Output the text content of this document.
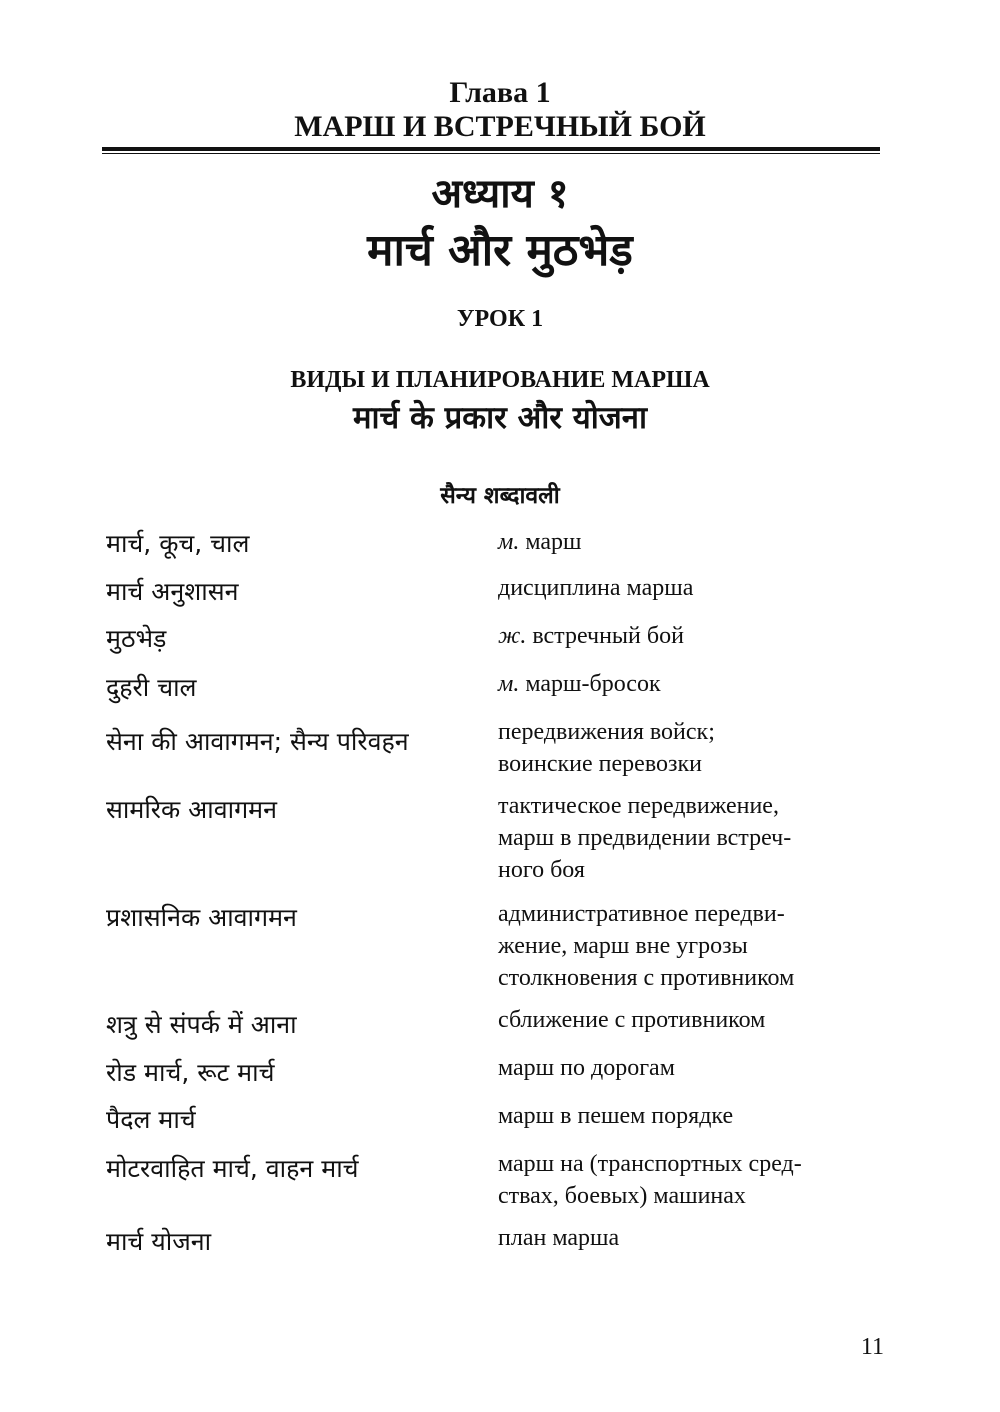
Глава 1
МАРШ И ВСТРЕЧНЫЙ БОЙ
अध्याय १
मार्च और मुठभेड़
УРОК 1
ВИДЫ И ПЛАНИРОВАНИЕ МАРША
मार्च के प्रकार और योजना
सैन्य शब्दावली
मार्च, कूच, चाल	м. марш
मार्च अनुशासन	дисциплина марша
मुठभेड़	ж. встречный бой
दुहरी चाल	м. марш-бросок
सेना की आवागमन; सैन्य परिवहन	передвижения войск;
воинские перевозки
सामरिक आवागमन	тактическое передвижение,
марш в предвидении встреч-
ного боя
प्रशासनिक आवागमन	административное передви-
жение, марш вне угрозы
столкновения с противником
शत्रु से संपर्क में आना	сближение с противником
रोड मार्च, रूट मार्च	марш по дорогам
पैदल मार्च	марш в пешем порядке
मोटरवाहित मार्च, वाहन मार्च	марш на (транспортных сред-
ствах, боевых) машинах
मार्च योजना	план марша
11
